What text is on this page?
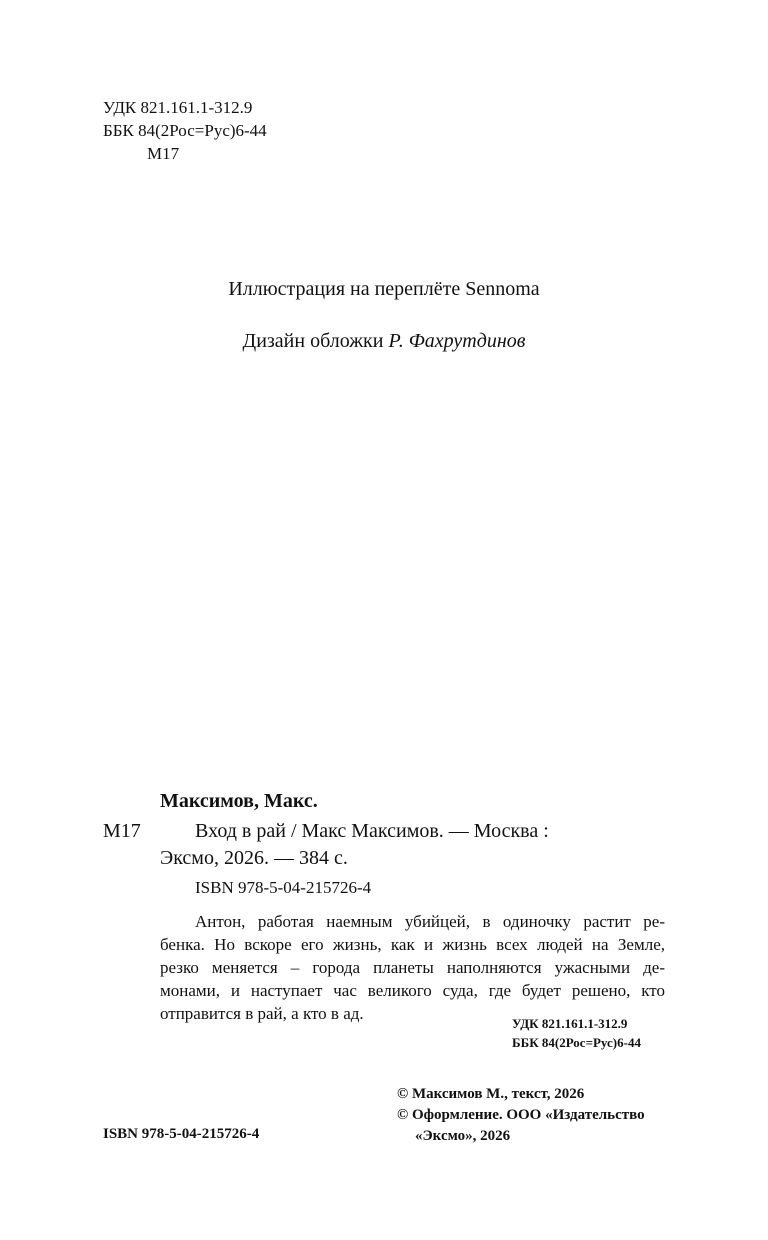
УДК 821.161.1-312.9
ББК 84(2Рос=Рус)6-44
М17
Иллюстрация на переплёте Sennoma
Дизайн обложки Р. Фахрутдинов
Максимов, Макс.
М17	Вход в рай / Макс Максимов. — Москва :
Эксмо, 2026. — 384 с.
ISBN 978-5-04-215726-4
Антон, работая наемным убийцей, в одиночку растит ре-
бенка. Но вскоре его жизнь, как и жизнь всех людей на Земле,
резко меняется – города планеты наполняются ужасными де-
монами, и наступает час великого суда, где будет решено, кто
отправится в рай, а кто в ад.
УДК 821.161.1-312.9
ББК 84(2Рос=Рус)6-44
© Максимов М., текст, 2026
© Оформление. ООО «Издательство
«Эксмо», 2026
ISBN 978-5-04-215726-4
